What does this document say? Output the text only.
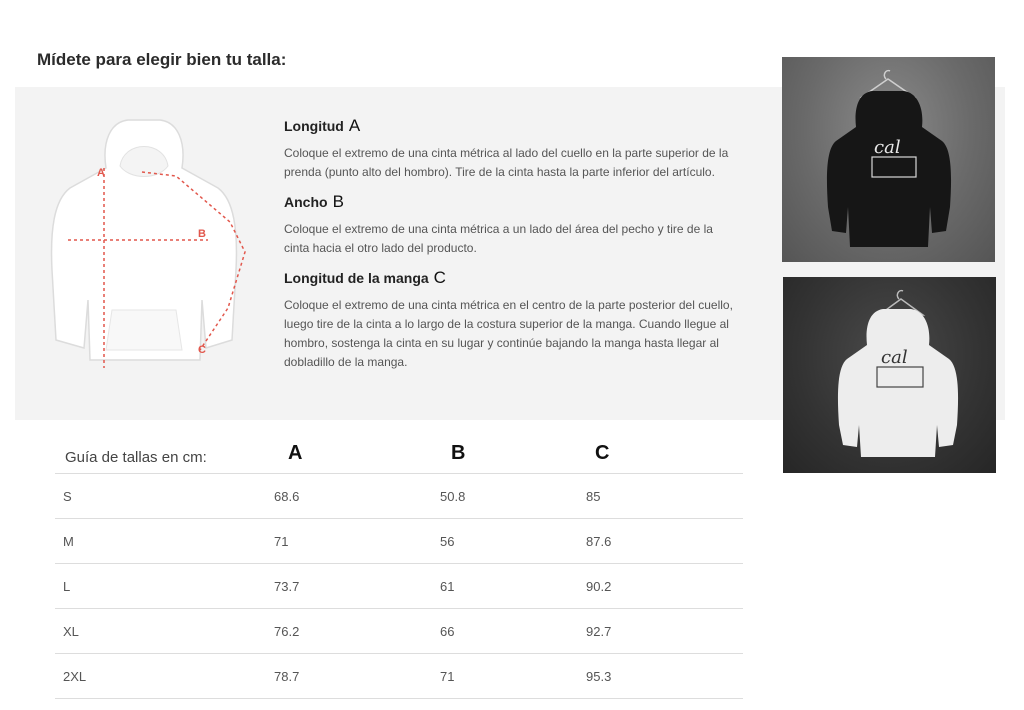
Mídete para elegir bien tu talla:
A
B
C
Longitud A

Coloque el extremo de una cinta métrica al lado del cuello en la parte superior de la prenda (punto alto del hombro). Tire de la cinta hasta la parte inferior del artículo.

Ancho B

Coloque el extremo de una cinta métrica a un lado del área del pecho y tire de la cinta hacia el otro lado del producto.

Longitud de la manga C

Coloque el extremo de una cinta métrica en el centro de la parte posterior del cuello, luego tire de la cinta a lo largo de la costura superior de la manga. Cuando llegue al hombro, sostenga la cinta en su lugar y continúe bajando la manga hasta llegar al dobladillo de la manga.

cal
cal
Guía de tallas en cm:	A	B	C
S	68.6	50.8	85
M	71	56	87.6
L	73.7	61	90.2
XL	76.2	66	92.7
2XL	78.7	71	95.3
